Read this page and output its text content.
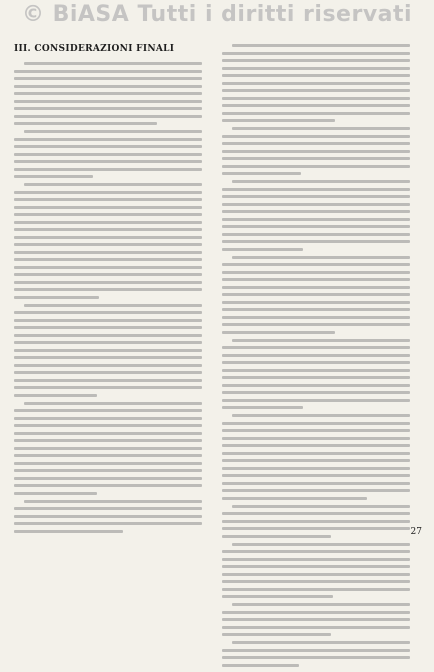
© BiASA Tutti i diritti riservati
III. CONSIDERAZIONI FINALI
27
